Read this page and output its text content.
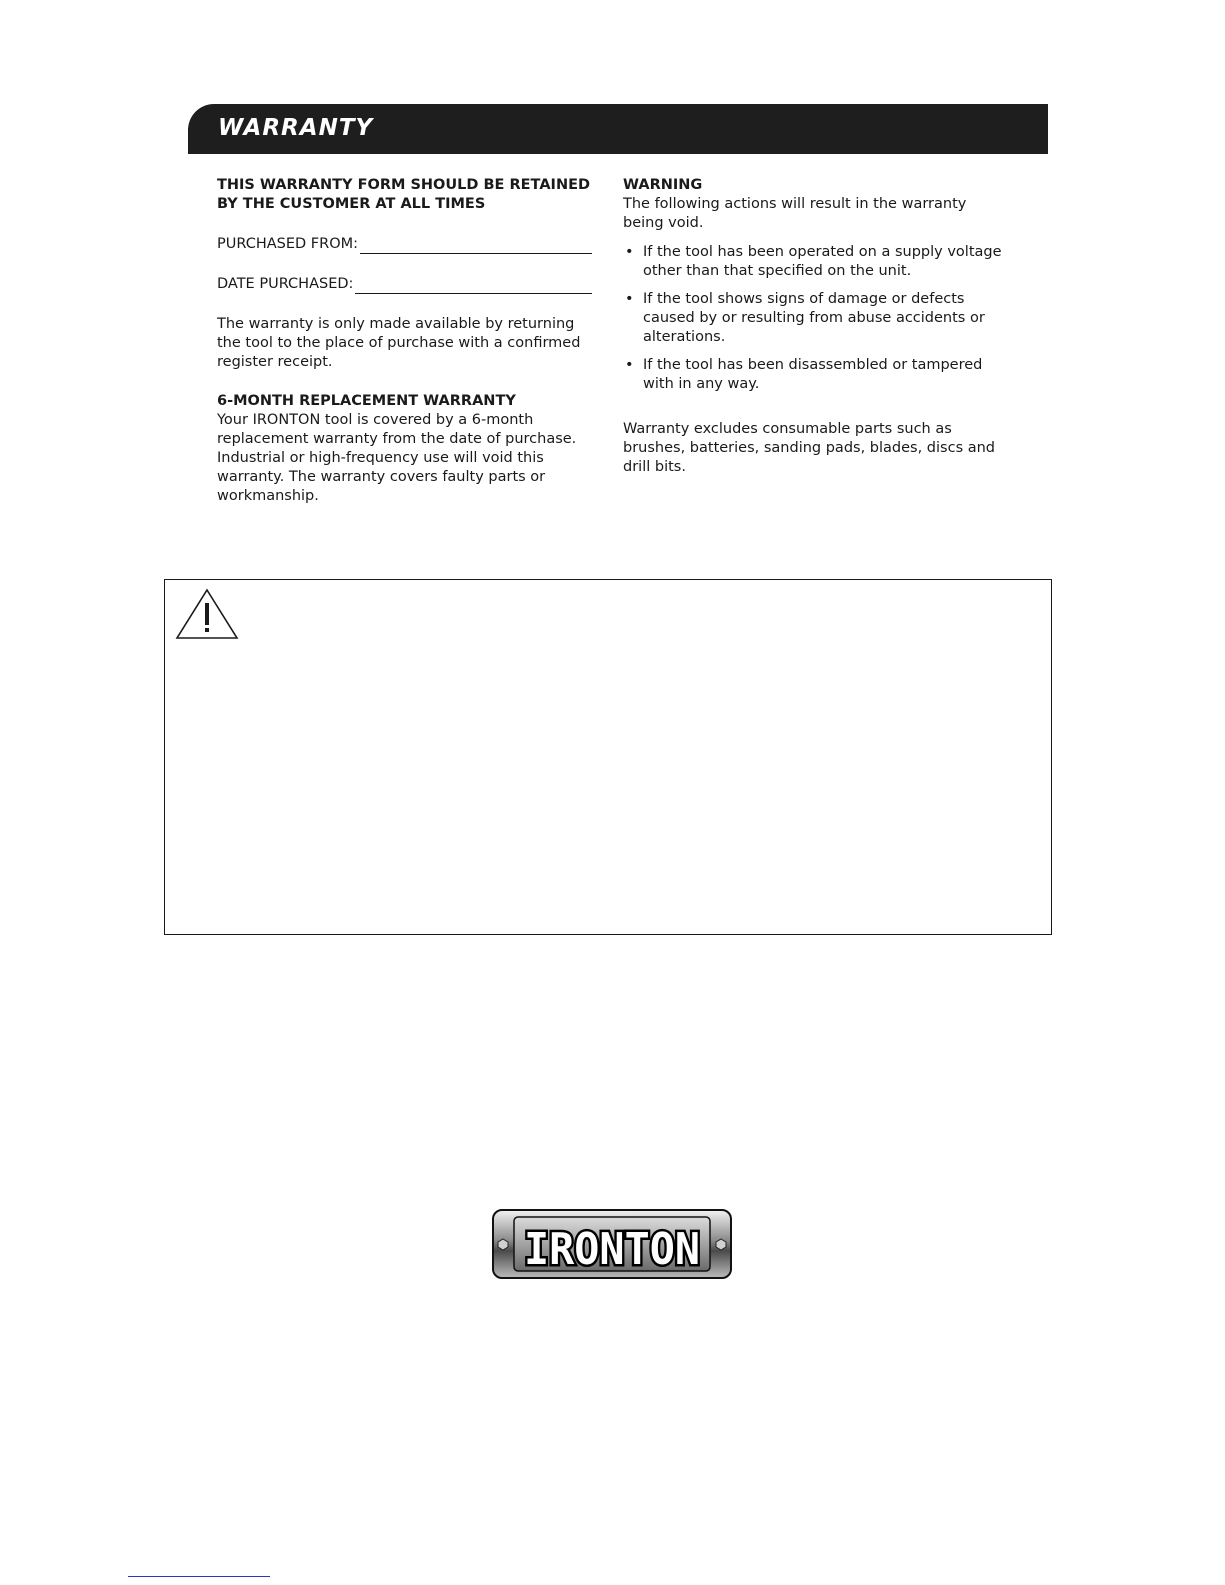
WARRANTY

THIS WARRANTY FORM SHOULD BE RETAINED

BY THE CUSTOMER AT ALL TIMES

PURCHASED FROM:
DATE PURCHASED:

The warranty is only made available by returning the tool to the place of purchase with a confirmed register receipt.

6-MONTH REPLACEMENT WARRANTY

Your IRONTON tool is covered by a 6-month replacement warranty from the date of purchase. Industrial or high-frequency use will void this warranty. The warranty covers faulty parts or workmanship.

WARNING

The following actions will result in the warranty being void.

• If the tool has been operated on a supply voltage other than that specified on the unit.
• If the tool shows signs of damage or defects caused by or resulting from abuse accidents or alterations.
• If the tool has been disassembled or tampered with in any way.

Warranty excludes consumable parts such as brushes, batteries, sanding pads, blades, discs and drill bits.

IRONTON
